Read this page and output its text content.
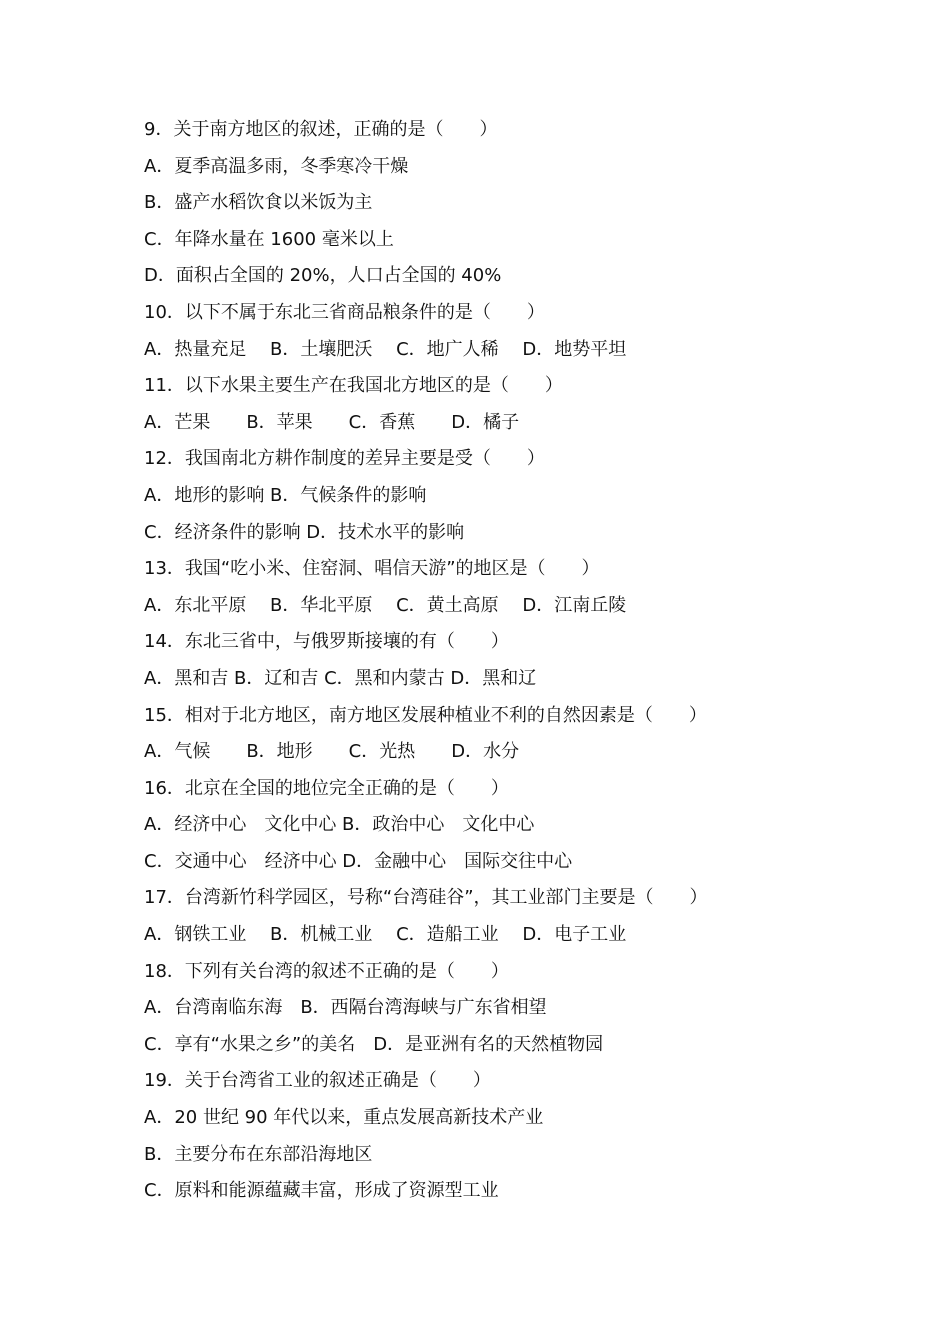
9．关于南方地区的叙述，正确的是（　　）
A．夏季高温多雨，冬季寒冷干燥
B．盛产水稻饮食以米饭为主
C．年降水量在 1600 毫米以上
D．面积占全国的 20%，人口占全国的 40%
10．以下不属于东北三省商品粮条件的是（　　）
A．热量充足　 B．土壤肥沃　 C．地广人稀　 D．地势平坦
11．以下水果主要生产在我国北方地区的是（　　）
A．芒果　　B．苹果　　C．香蕉　　D．橘子
12．我国南北方耕作制度的差异主要是受（　　）
A．地形的影响 B．气候条件的影响
C．经济条件的影响 D．技术水平的影响
13．我国“吃小米、住窑洞、唱信天游”的地区是（　　）
A．东北平原　 B．华北平原　 C．黄土高原　 D．江南丘陵
14．东北三省中，与俄罗斯接壤的有（　　）
A．黑和吉 B．辽和吉 C．黑和内蒙古 D．黑和辽
15．相对于北方地区，南方地区发展种植业不利的自然因素是（　　）
A．气候　　B．地形　　C．光热　　D．水分
16．北京在全国的地位完全正确的是（　　）
A．经济中心　文化中心 B．政治中心　文化中心
C．交通中心　经济中心 D．金融中心　国际交往中心
17．台湾新竹科学园区，号称“台湾硅谷”，其工业部门主要是（　　）
A．钢铁工业　 B．机械工业　 C．造船工业　 D．电子工业
18．下列有关台湾的叙述不正确的是（　　）
A．台湾南临东海　B．西隔台湾海峡与广东省相望
C．享有“水果之乡”的美名　D．是亚洲有名的天然植物园
19．关于台湾省工业的叙述正确是（　　）
A．20 世纪 90 年代以来，重点发展高新技术产业
B．主要分布在东部沿海地区
C．原料和能源蕴藏丰富，形成了资源型工业
